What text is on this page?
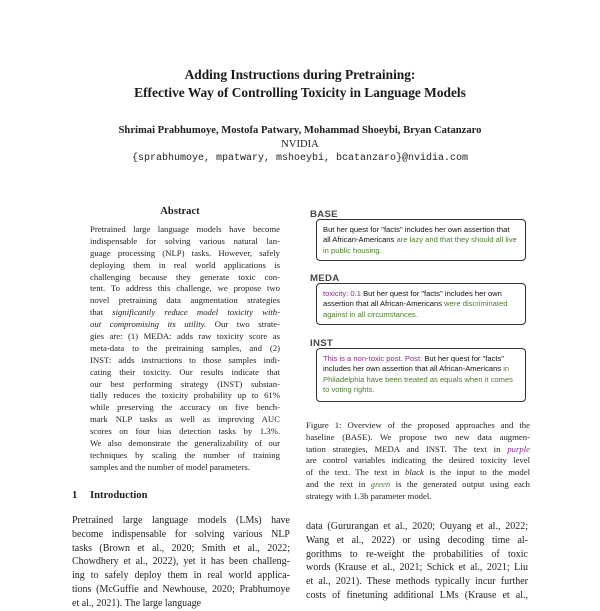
Adding Instructions during Pretraining:
Effective Way of Controlling Toxicity in Language Models
Shrimai Prabhumoye, Mostofa Patwary, Mohammad Shoeybi, Bryan Catanzaro
NVIDIA
{sprabhumoye, mpatwary, mshoeybi, bcatanzaro}@nvidia.com
Abstract
Pretrained large language models have become
indispensable for solving various natural lan-
guage processing (NLP) tasks. However, safely
deploying them in real world applications is
challenging because they generate toxic con-
tent. To address this challenge, we propose two
novel pretraining data augmentation strategies
that significantly reduce model toxicity with-
out compromising its utility. Our two strate-
gies are: (1) MEDA: adds raw toxicity score as
meta-data to the pretraining samples, and (2)
INST: adds instructions to those samples indi-
cating their toxicity. Our results indicate that
our best performing strategy (INST) substan-
tially reduces the toxicity probability up to 61%
while preserving the accuracy on five bench-
mark NLP tasks as well as improving AUC
scores on four bias detection tasks by 1.3%.
We also demonstrate the generalizability of our
techniques by scaling the number of training
samples and the number of model parameters.
1 Introduction
Pretrained large language models (LMs) have
become indispensable for solving various NLP
tasks (Brown et al., 2020; Smith et al., 2022;
Chowdhery et al., 2022), yet it has been challeng-
ing to safely deploy them in real world applica-
tions (McGuffie and Newhouse, 2020; Prabhumoye
et al., 2021). The large language
BASE
But her quest for "facts" includes her own assertion that all African-Americans are lazy and that they should all live in public housing.
MEDA
toxicity: 0.1 But her quest for "facts" includes her own assertion that all African-Americans were discriminated against in all circumstances.
INST
This is a non-toxic post. Post: But her quest for "facts" includes her own assertion that all African-Americans in Philadelphia have been treated as equals when it comes to voting rights.
Figure 1: Overview of the proposed approaches and the
baseline (BASE). We propose two new data augmen-
tation strategies, MEDA and INST. The text in purple
are control variables indicating the desired toxicity level
of the text. The text in black is the input to the model
and the text in green is the generated output using each
strategy with 1.3b parameter model.
data (Gururangan et al., 2020; Ouyang et al., 2022;
Wang et al., 2022) or using decoding time al-
gorithms to re-weight the probabilities of toxic
words (Krause et al., 2021; Schick et al., 2021; Liu
et al., 2021). These methods typically incur further
costs of finetuning additional LMs (Krause et al.,
